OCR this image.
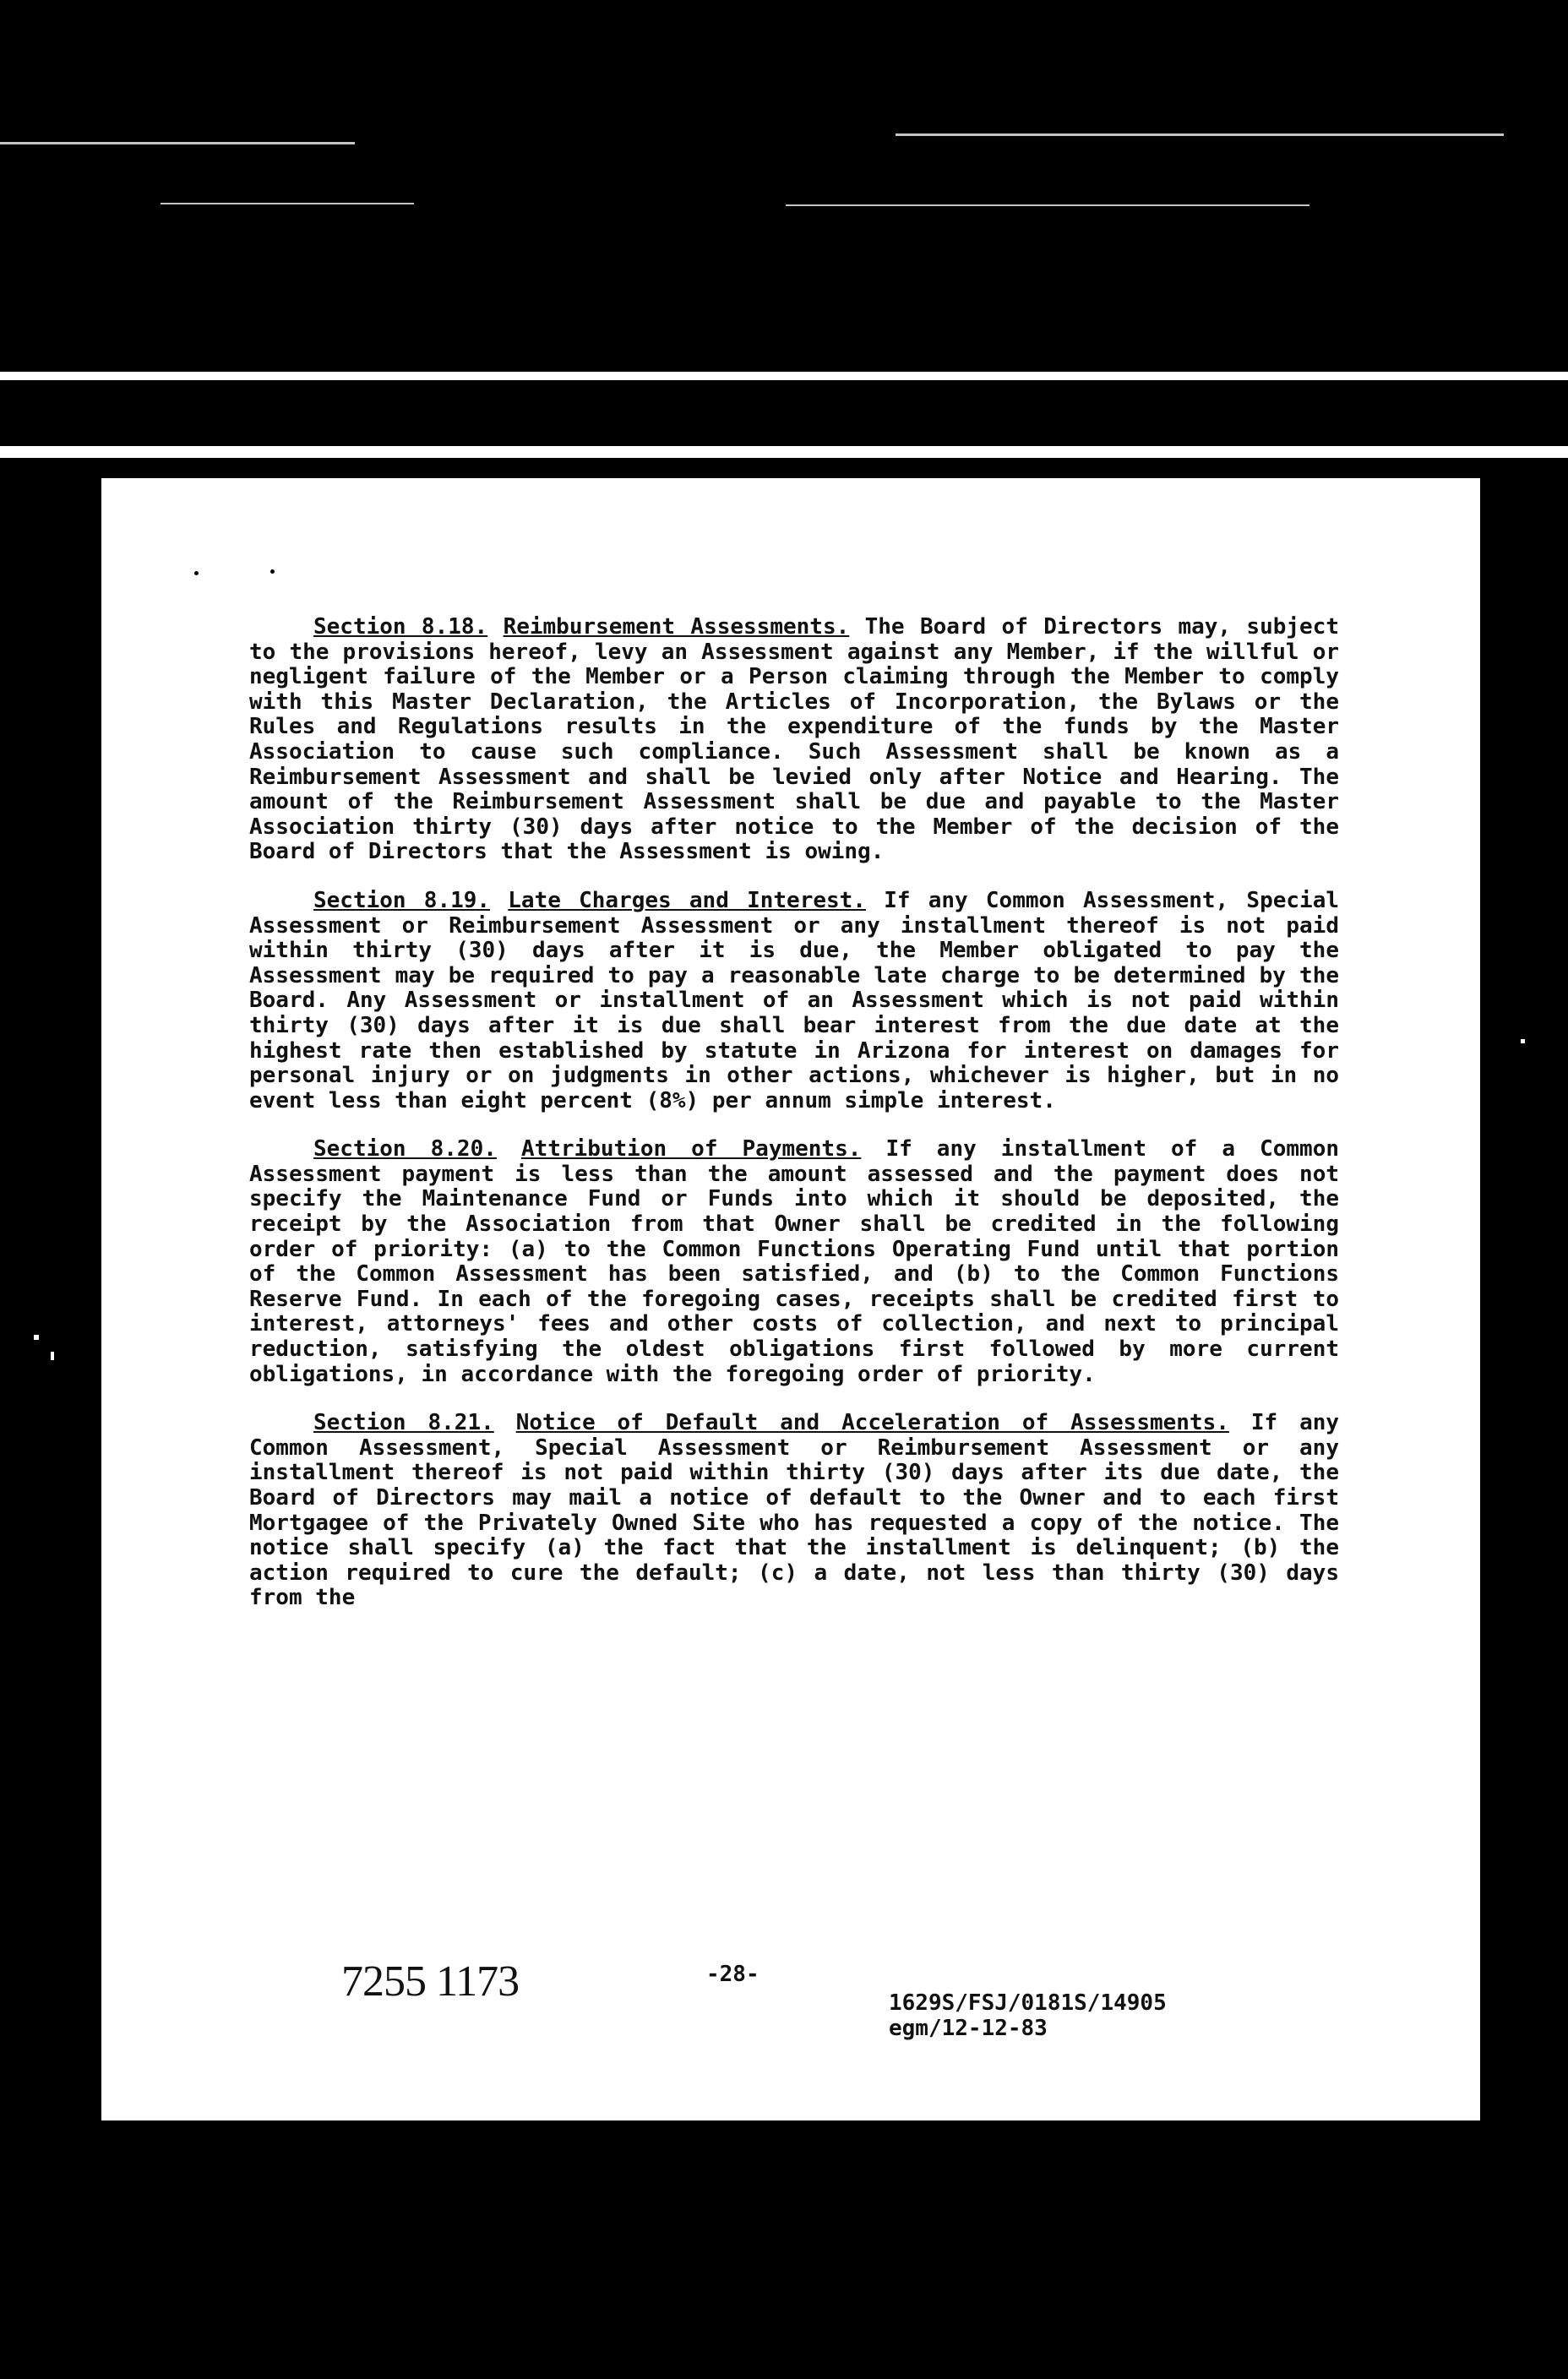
Section 8.18. Reimbursement Assessments. The Board of Directors may, subject to the provisions hereof, levy an Assessment against any Member, if the willful or negligent failure of the Member or a Person claiming through the Member to comply with this Master Declaration, the Articles of Incorporation, the Bylaws or the Rules and Regulations results in the expenditure of the funds by the Master Association to cause such compliance. Such Assessment shall be known as a Reimbursement Assessment and shall be levied only after Notice and Hearing. The amount of the Reimbursement Assessment shall be due and payable to the Master Association thirty (30) days after notice to the Member of the decision of the Board of Directors that the Assessment is owing.

Section 8.19. Late Charges and Interest. If any Common Assessment, Special Assessment or Reimbursement Assessment or any installment thereof is not paid within thirty (30) days after it is due, the Member obligated to pay the Assessment may be required to pay a reasonable late charge to be determined by the Board. Any Assessment or installment of an Assessment which is not paid within thirty (30) days after it is due shall bear interest from the due date at the highest rate then established by statute in Arizona for interest on damages for personal injury or on judgments in other actions, whichever is higher, but in no event less than eight percent (8%) per annum simple interest.

Section 8.20. Attribution of Payments. If any installment of a Common Assessment payment is less than the amount assessed and the payment does not specify the Maintenance Fund or Funds into which it should be deposited, the receipt by the Association from that Owner shall be credited in the following order of priority: (a) to the Common Functions Operating Fund until that portion of the Common Assessment has been satisfied, and (b) to the Common Functions Reserve Fund. In each of the foregoing cases, receipts shall be credited first to interest, attorneys' fees and other costs of collection, and next to principal reduction, satisfying the oldest obligations first followed by more current obligations, in accordance with the foregoing order of priority.

Section 8.21. Notice of Default and Acceleration of Assessments. If any Common Assessment, Special Assessment or Reimbursement Assessment or any installment thereof is not paid within thirty (30) days after its due date, the Board of Directors may mail a notice of default to the Owner and to each first Mortgagee of the Privately Owned Site who has requested a copy of the notice. The notice shall specify (a) the fact that the installment is delinquent; (b) the action required to cure the default; (c) a date, not less than thirty (30) days from the

7255 1173	-28-
1629S/FSJ/0181S/14905
egm/12-12-83
